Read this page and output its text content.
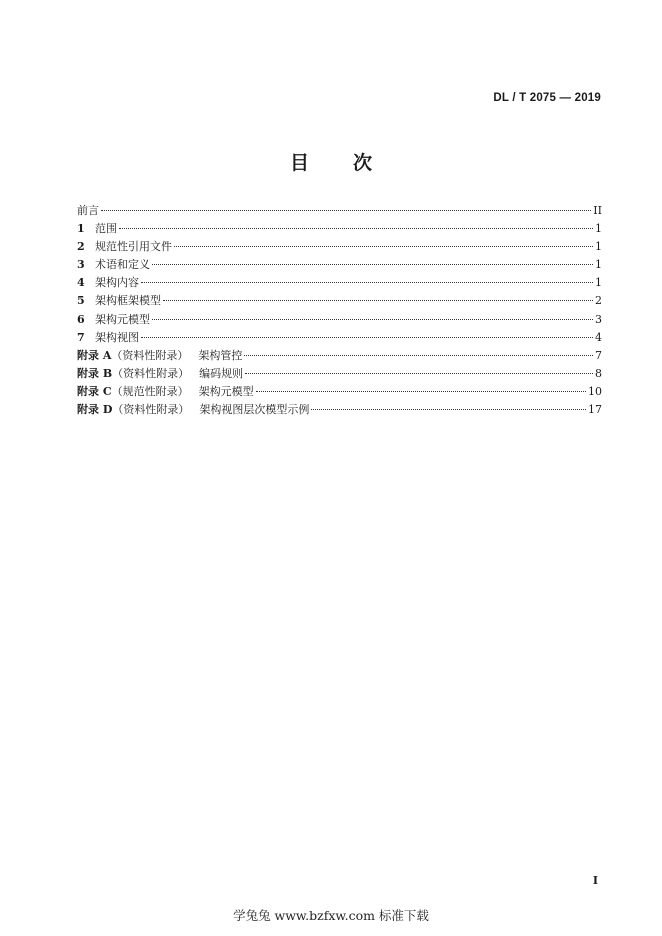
DL / T 2075 — 2019
目次
前言	II
1 范围	1
2 规范性引用文件	1
3 术语和定义	1
4 架构内容	1
5 架构框架模型	2
6 架构元模型	3
7 架构视图	4
附录 A（资料性附录） 架构管控	7
附录 B（资料性附录） 编码规则	8
附录 C（规范性附录） 架构元模型	10
附录 D（资料性附录） 架构视图层次模型示例	17
I
学兔兔 www.bzfxw.com 标准下载
